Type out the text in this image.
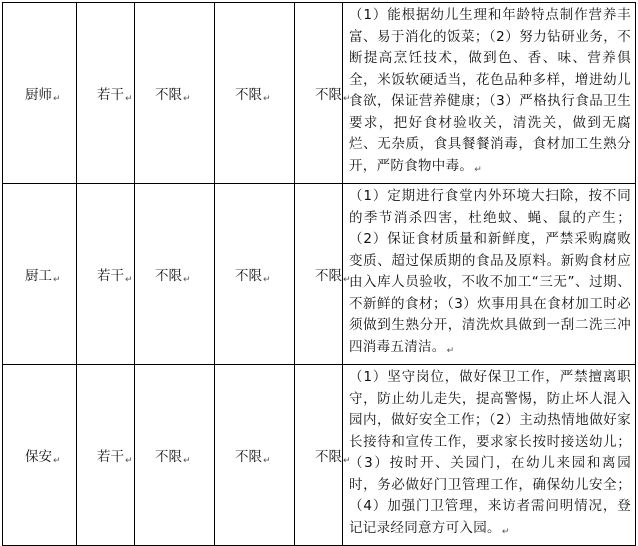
厨师↵	若干↵	不限↵	不限↵	不限↵	（1）能根据幼儿生理和年龄特点制作营养丰富、易于消化的饭菜；（2）努力钻研业务，不断提高烹饪技术，做到色、香、味、营养俱全，米饭软硬适当，花色品种多样，增进幼儿食欲，保证营养健康；（3）严格执行食品卫生要求，把好食材验收关，清洗关，做到无腐烂、无杂质，食具餐餐消毒，食材加工生熟分开，严防食物中毒。↵
厨工↵	若干↵	不限↵	不限↵	不限↵	（1）定期进行食堂内外环境大扫除，按不同的季节消杀四害，杜绝蚊、蝇、鼠的产生；（2）保证食材质量和新鲜度，严禁采购腐败变质、超过保质期的食品及原料。新购食材应由入库人员验收，不收不加工“三无”、过期、不新鲜的食材；（3）炊事用具在食材加工时必须做到生熟分开，清洗炊具做到一刮二洗三冲四消毒五清洁。↵
保安↵	若干↵	不限↵	不限↵	不限↵	（1）坚守岗位，做好保卫工作，严禁擅离职守，防止幼儿走失，提高警惕，防止坏人混入园内，做好安全工作；（2）主动热情地做好家长接待和宣传工作，要求家长按时接送幼儿；（3）按时开、关园门，在幼儿来园和离园时，务必做好门卫管理工作，确保幼儿安全；（4）加强门卫管理，来访者需问明情况，登记记录经同意方可入园。↵
